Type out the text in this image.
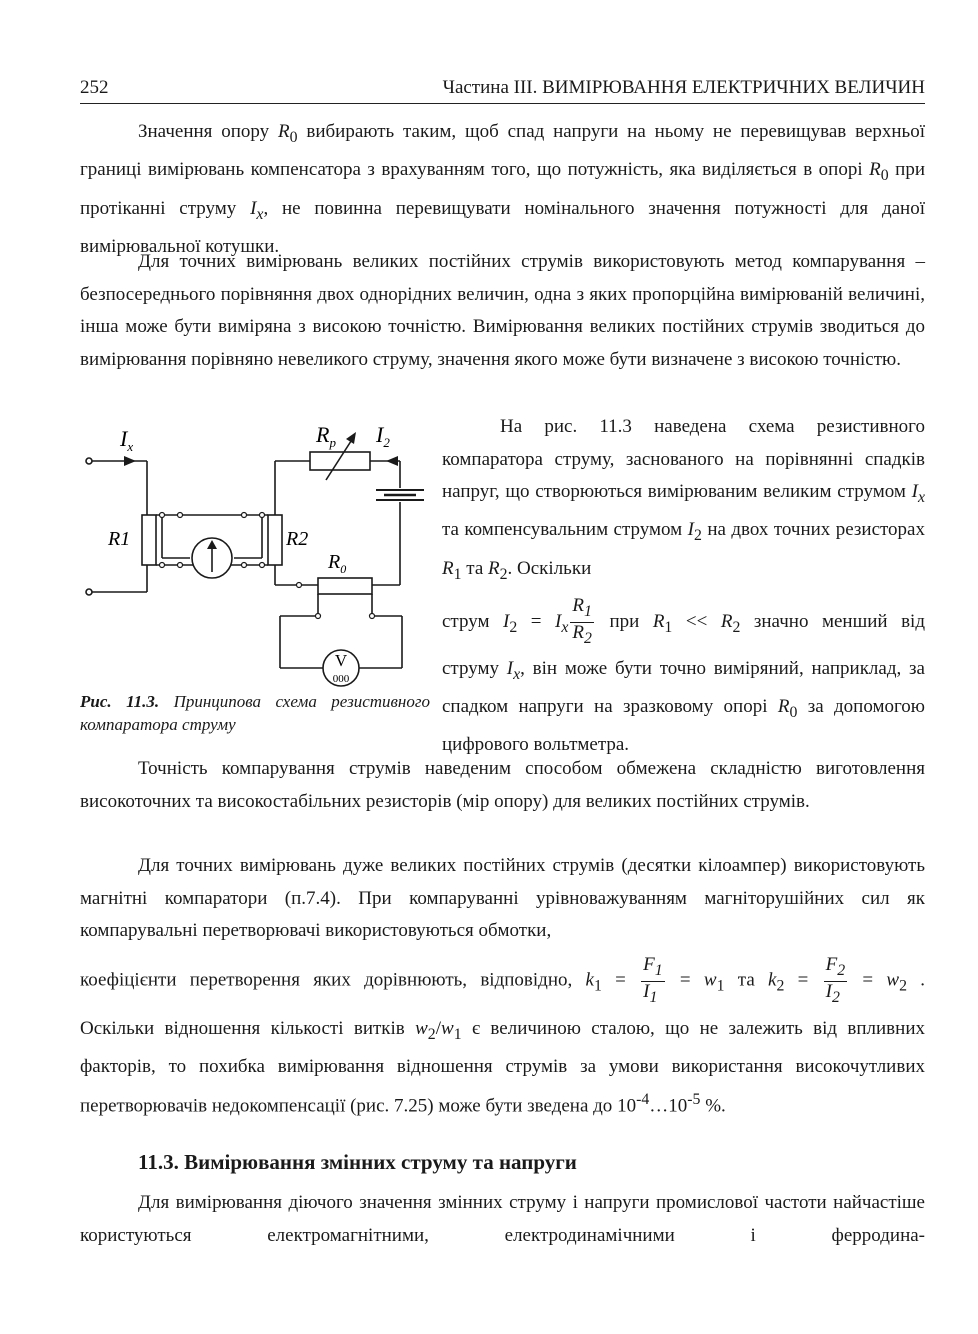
252	Частина ІІІ. ВИМІРЮВАННЯ ЕЛЕКТРИЧНИХ ВЕЛИЧИН

Значення опору $R_0$ вибирають таким, щоб спад напруги на ньому не перевищував верхньої границі вимірювань компенсатора з врахуванням того, що потужність, яка виділяється в опорі $R_0$ при протіканні струму $I_x$, не повинна перевищувати номінального значення потужності для даної вимірювальної котушки.

Для точних вимірювань великих постійних струмів використовують метод компарування – безпосереднього порівняння двох однорідних величин, одна з яких пропорційна вимірюваній величині, інша може бути виміряна з високою точністю. Вимірювання великих постійних струмів зводиться до вимірювання порівняно невеликого струму, значення якого може бути визначене з високою точністю.

$I_x$
R1	R2
$R_p$ $I_2$
$R_0$
V
000
На рис. 11.3 наведена схема резистивного компаратора струму, заснованого на порівнянні спадків напруг, що створюються вимірюваним великим струмом $I_x$ та компенсувальним струмом $I_2$ на двох точних резисторах $R_1$ та $R_2$. Оскільки
струм $I_2 = I_x \frac{R_1}{R_2}$ при $R_1 << R_2$ значно менший від
струму $I_x$, він може бути точно виміряний, наприклад, за спадком напруги на зразковому опорі $R_0$ за допомогою цифрового вольтметра.
Рис. 11.3. Принципова схема резистивного компаратора струму

Точність компарування струмів наведеним способом обмежена складністю виготовлення високоточних та високостабільних резисторів (мір опору) для великих постійних струмів.

Для точних вимірювань дуже великих постійних струмів (десятки кілоампер) використовують магнітні компаратори (п.7.4). При компаруванні урівноважуванням магніторушійних сил як компарувальні перетворювачі використовуються обмотки,
коефіцієнти перетворення яких дорівнюють, відповідно, $k_1 = \frac{F_1}{I_1} = w_1$ та $k_2 = \frac{F_2}{I_2} = w_2$ .
Оскільки відношення кількості витків $w_2/w_1$ є величиною сталою, що не залежить від впливних факторів, то похибка вимірювання відношення струмів за умови використання високочутливих перетворювачів недокомпенсації (рис. 7.25) може бути зведена до $10^{-4}\dots 10^{-5}$ %.
11.3. Вимірювання змінних струму та напруги

Для вимірювання діючого значення змінних струму і напруги промислової частоти найчастіше користуються електромагнітними, електродинамічними і ферродина-
